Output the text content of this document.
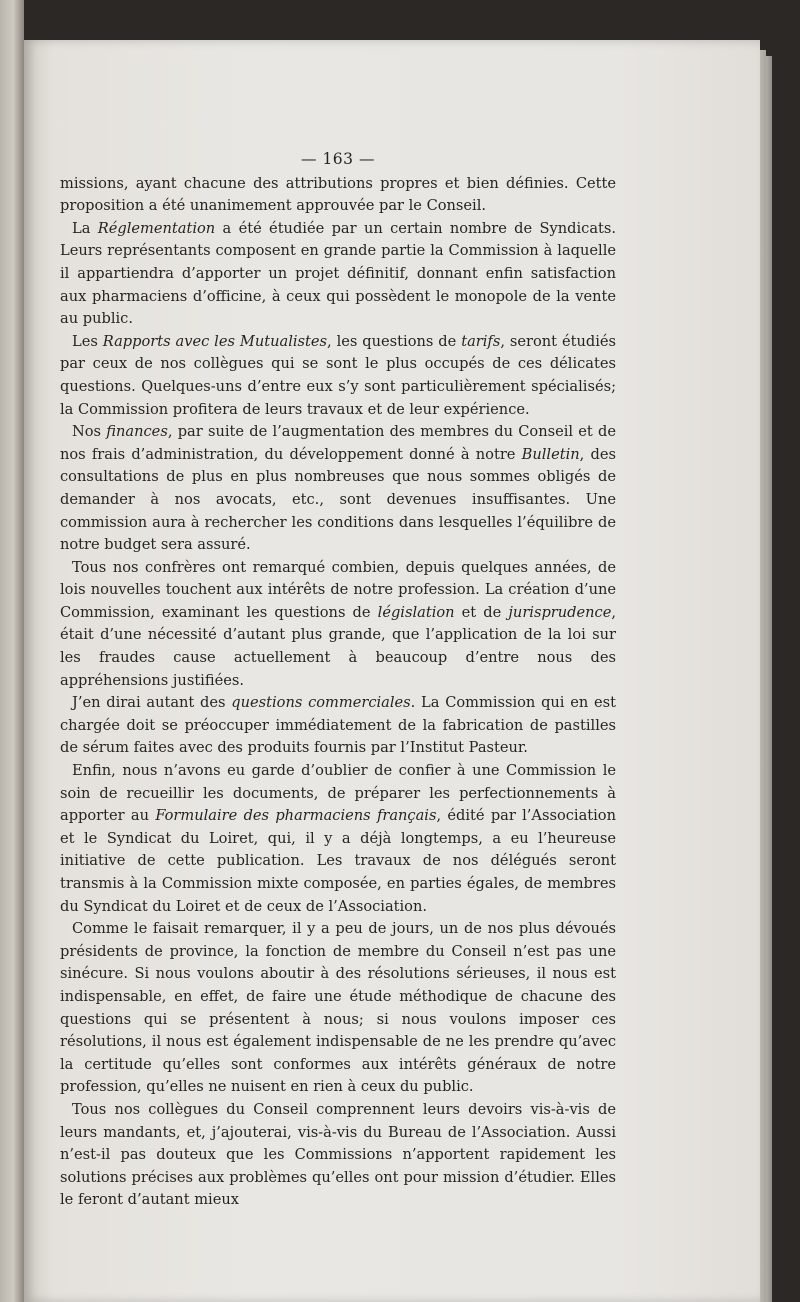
— 163 —

missions, ayant chacune des attributions propres et bien définies. Cette proposition a été unanimement approuvée par le Conseil.

La Réglementation a été étudiée par un certain nombre de Syndicats. Leurs représentants composent en grande partie la Commission à laquelle il appartiendra d’apporter un projet définitif, donnant enfin satisfaction aux pharmaciens d’officine, à ceux qui possèdent le monopole de la vente au public.

Les Rapports avec les Mutualistes, les questions de tarifs, seront étudiés par ceux de nos collègues qui se sont le plus occupés de ces délicates questions. Quelques-uns d’entre eux s’y sont particulièrement spécialisés; la Commission profitera de leurs travaux et de leur expérience.

Nos finances, par suite de l’augmentation des membres du Conseil et de nos frais d’administration, du développement donné à notre Bulletin, des consultations de plus en plus nombreuses que nous sommes obligés de demander à nos avocats, etc., sont devenues insuffisantes. Une commission aura à rechercher les conditions dans lesquelles l’équilibre de notre budget sera assuré.

Tous nos confrères ont remarqué combien, depuis quelques années, de lois nouvelles touchent aux intérêts de notre profession. La création d’une Commission, examinant les questions de législation et de jurisprudence, était d’une nécessité d’autant plus grande, que l’application de la loi sur les fraudes cause actuellement à beaucoup d’entre nous des appréhensions justifiées.

J’en dirai autant des questions commerciales. La Commission qui en est chargée doit se préoccuper immédiatement de la fabrication de pastilles de sérum faites avec des produits fournis par l’Institut Pasteur.

Enfin, nous n’avons eu garde d’oublier de confier à une Commission le soin de recueillir les documents, de préparer les perfectionnements à apporter au Formulaire des pharmaciens français, édité par l’Association et le Syndicat du Loiret, qui, il y a déjà longtemps, a eu l’heureuse initiative de cette publication. Les travaux de nos délégués seront transmis à la Commission mixte composée, en parties égales, de membres du Syndicat du Loiret et de ceux de l’Association.

Comme le faisait remarquer, il y a peu de jours, un de nos plus dévoués présidents de province, la fonction de membre du Conseil n’est pas une sinécure. Si nous voulons aboutir à des résolutions sérieuses, il nous est indispensable, en effet, de faire une étude méthodique de chacune des questions qui se présentent à nous; si nous voulons imposer ces résolutions, il nous est également indispensable de ne les prendre qu’avec la certitude qu’elles sont conformes aux intérêts généraux de notre profession, qu’elles ne nuisent en rien à ceux du public.

Tous nos collègues du Conseil comprennent leurs devoirs vis-à-vis de leurs mandants, et, j’ajouterai, vis-à-vis du Bureau de l’Association. Aussi n’est-il pas douteux que les Commissions n’apportent rapidement les solutions précises aux problèmes qu’elles ont pour mission d’étudier. Elles le feront d’autant mieux
